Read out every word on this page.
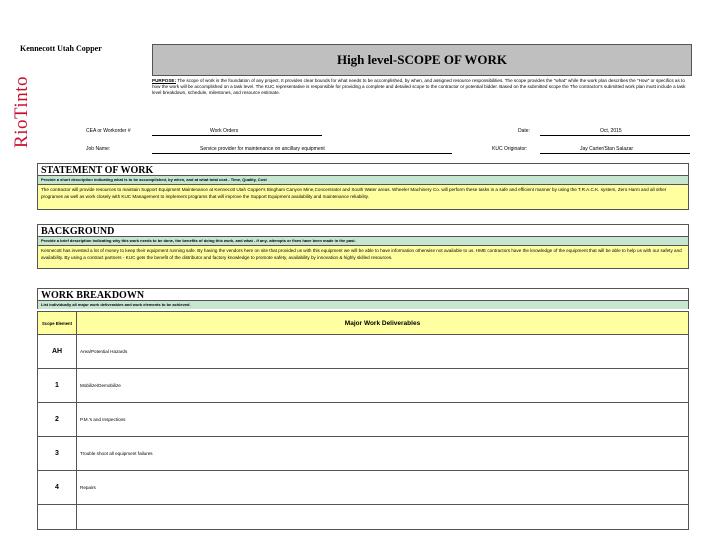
Kennecott Utah Copper
RioTinto
High level-SCOPE OF WORK
PURPOSE: The scope of work is the foundation of any project. It provides clear bounds for what needs to be accomplished, by when, and assigned resource responsibilities. The scope provides the "what" while the work plan describes the "How" or specifics as to how the work will be accomplished on a task level. The KUC representative is responsible for providing a complete and detailed scope to the contractor or potential bidder. Based on the submitted scope the The contractor's submitted work plan must include a task level breakdown, schedule, milestones, and resource estimate.
CEA or Workorder #	Work Orders	Date:	Oct, 2015
Job Name:	Service provider for maintenance on ancillary equipment	KUC Originator:	Jay Carter/Stan Salazar
STATEMENT OF WORK
Provide a short description indicating what is to be accomplished, by when, and at what total cost - Time, Quality, Cost
The contractor will provide resources to maintain Support Equipment Maintenance at Kennecott Utah Copper's Bingham Canyon Mine,Concentrator and South Water areas. Wheeler Machinery Co. will perform these tasks in a safe and efficient manner by using the T.R.A.C.K. system, Zero Harm and all other programes as well as work closely with KUC Management to implement programs that will improve the Support Equipment availability and maintenance reliability.
BACKGROUND
Provide a brief description indicating why this work needs to be done, the benefits of doing this work, and what - if any- attempts or fixes have been made in the past.
Kennecott has invested a lot of money to keep their equipment running safe. By having the vendors here on site that provided us with this equipment we will be able to have information otherwise not available to us. HME contractors have the knowledge of the equipment that will be able to help us with our safety and availability. By using a contract partners - KUC gets the benefit of the distributor and factory knowledge to promote safety, availability by innovation & highly skilled resources.
WORK BREAKDOWN
List individually all major work deliverables and work elements to be achieved.
Scope Element	Major Work Deliverables
AH	Area/Potential Hazards
1	Mobilize/Demobilize
2	P.M.'s and Inspections
3	Trouble shoot all equipment failures
4	Repairs
